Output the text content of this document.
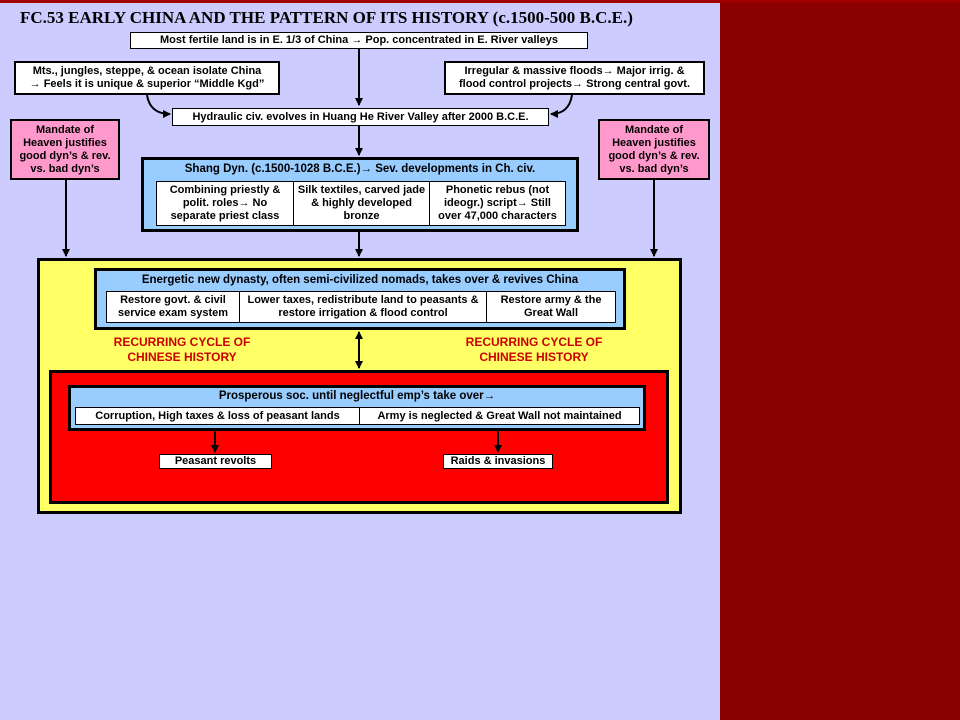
FC.53 EARLY CHINA AND THE PATTERN OF ITS HISTORY (c.1500-500 B.C.E.)
Most fertile land is in E. 1/3 of China → Pop. concentrated in E. River valleys
Mts., jungles, steppe, & ocean isolate China
→ Feels it is unique & superior “Middle Kgd”
Irregular & massive floods→ Major irrig. &
flood control projects→ Strong central govt.
Hydraulic civ. evolves in Huang He River Valley after 2000 B.C.E.
Mandate of
Heaven justifies
good dyn’s & rev.
vs. bad dyn’s
Mandate of
Heaven justifies
good dyn’s & rev.
vs. bad dyn’s
Shang Dyn. (c.1500-1028 B.C.E.)→ Sev. developments in Ch. civ.
Combining priestly &
polit. roles→ No
separate priest class
Silk textiles, carved jade & highly developed bronze
Phonetic rebus (not
ideogr.) script→ Still
over 47,000 characters
Energetic new dynasty, often semi-civilized nomads, takes over & revives China
Restore govt. & civil service exam system
Lower taxes, redistribute land to peasants & restore irrigation & flood control
Restore army & the Great Wall
RECURRING CYCLE OF CHINESE HISTORY
RECURRING CYCLE OF CHINESE HISTORY
Prosperous soc. until neglectful emp’s take over→
Corruption, High taxes & loss of peasant lands	Army is neglected & Great Wall not maintained
Peasant revolts	Raids & invasions
